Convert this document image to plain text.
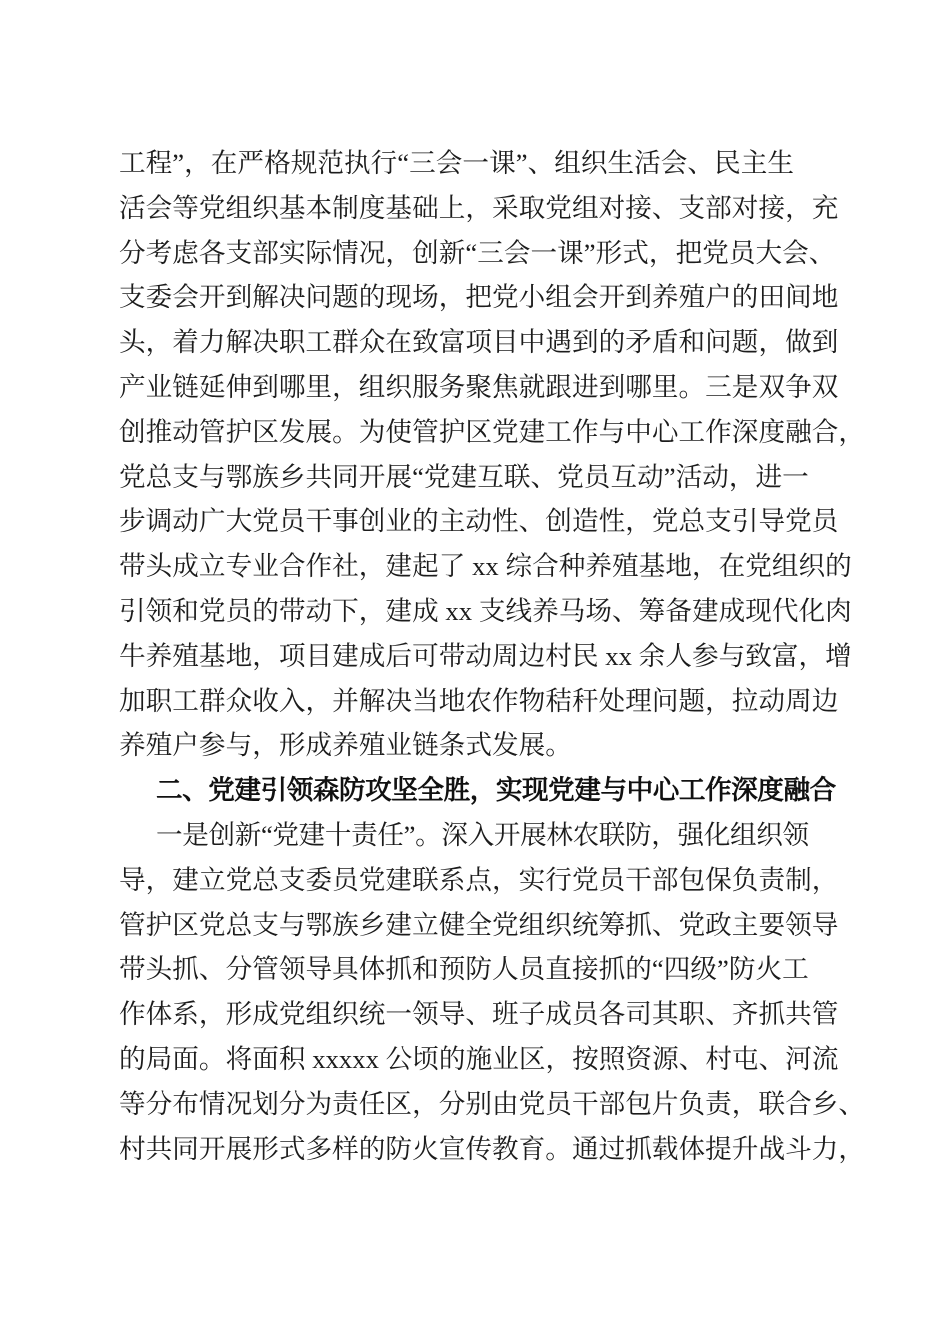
工程”，在严格规范执行“三会一课”、组织生活会、民主生
活会等党组织基本制度基础上，采取党组对接、支部对接，充
分考虑各支部实际情况，创新“三会一课”形式，把党员大会、
支委会开到解决问题的现场，把党小组会开到养殖户的田间地
头，着力解决职工群众在致富项目中遇到的矛盾和问题，做到
产业链延伸到哪里，组织服务聚焦就跟进到哪里。三是双争双
创推动管护区发展。为使管护区党建工作与中心工作深度融合，
党总支与鄂族乡共同开展“党建互联、党员互动”活动，进一
步调动广大党员干事创业的主动性、创造性，党总支引导党员
带头成立专业合作社，建起了 xx 综合种养殖基地，在党组织的
引领和党员的带动下，建成 xx 支线养马场、筹备建成现代化肉
牛养殖基地，项目建成后可带动周边村民 xx 余人参与致富，增
加职工群众收入，并解决当地农作物秸秆处理问题，拉动周边
养殖户参与，形成养殖业链条式发展。
二、党建引领森防攻坚全胜，实现党建与中心工作深度融合
一是创新“党建十责任”。深入开展林农联防，强化组织领
导，建立党总支委员党建联系点，实行党员干部包保负责制，
管护区党总支与鄂族乡建立健全党组织统筹抓、党政主要领导
带头抓、分管领导具体抓和预防人员直接抓的“四级”防火工
作体系，形成党组织统一领导、班子成员各司其职、齐抓共管
的局面。将面积 xxxxx 公顷的施业区，按照资源、村屯、河流
等分布情况划分为责任区，分别由党员干部包片负责，联合乡、
村共同开展形式多样的防火宣传教育。通过抓载体提升战斗力，
